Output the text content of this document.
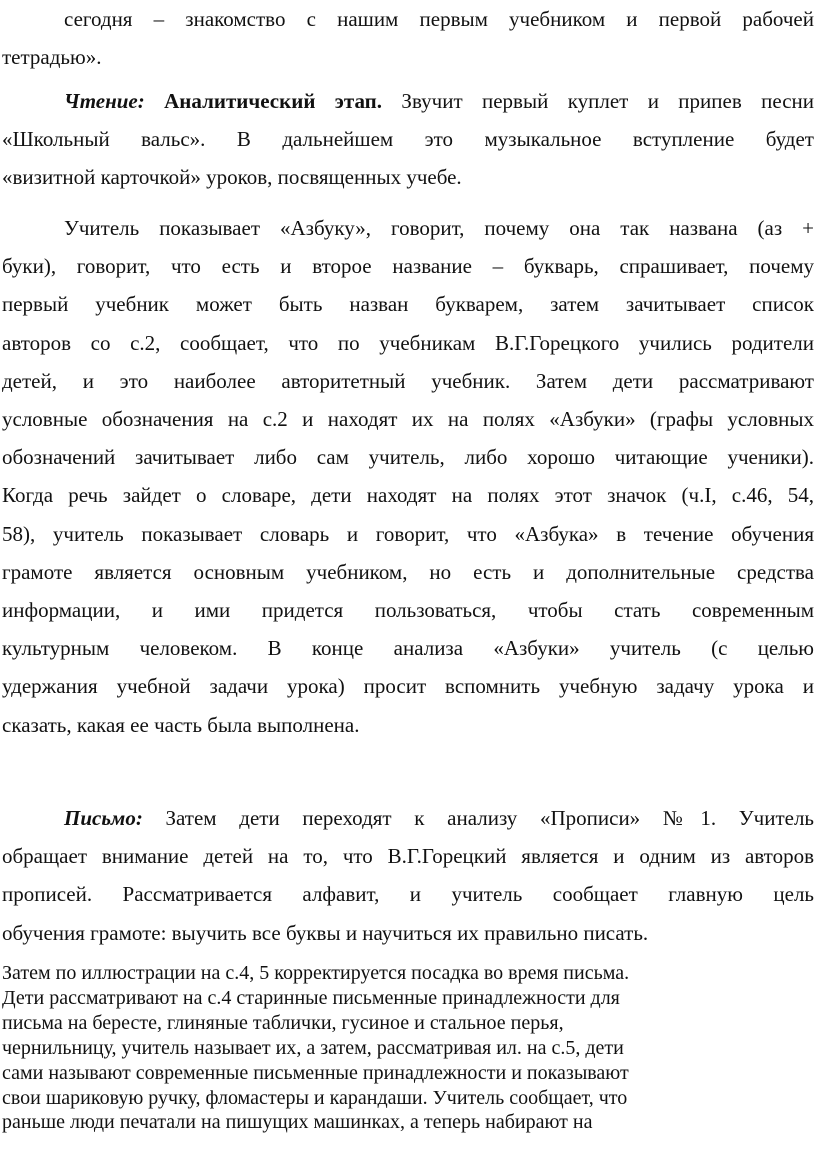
сегодня – знакомство с нашим первым учебником и первой рабочей

тетрадью».

Чтение: Аналитический этап. Звучит первый куплет и припев песни

«Школьный вальс». В дальнейшем это музыкальное вступление будет

«визитной карточкой» уроков, посвященных учебе.

Учитель показывает «Азбуку», говорит, почему она так названа (аз +

буки), говорит, что есть и второе название – букварь, спрашивает, почему

первый учебник может быть назван букварем, затем зачитывает список

авторов со с.2, сообщает, что по учебникам В.Г.Горецкого учились родители

детей, и это наиболее авторитетный учебник. Затем дети рассматривают

условные обозначения на с.2 и находят их на полях «Азбуки» (графы условных

обозначений зачитывает либо сам учитель, либо хорошо читающие ученики).

Когда речь зайдет о словаре, дети находят на полях этот значок (ч.I, с.46, 54,

58), учитель показывает словарь и говорит, что «Азбука» в течение обучения

грамоте является основным учебником, но есть и дополнительные средства

информации, и ими придется пользоваться, чтобы стать современным

культурным человеком. В конце анализа «Азбуки» учитель (с целью

удержания учебной задачи урока) просит вспомнить учебную задачу урока и

сказать, какая ее часть была выполнена.

Письмо: Затем дети переходят к анализу «Прописи» №1. Учитель

обращает внимание детей на то, что В.Г.Горецкий является и одним из авторов

прописей. Рассматривается алфавит, и учитель сообщает главную цель

обучения грамоте: выучить все буквы и научиться их правильно писать.

Затем по иллюстрации на с.4, 5 корректируется посадка во время письма.

Дети рассматривают на с.4 старинные письменные принадлежности для

письма на бересте, глиняные таблички, гусиное и стальное перья,

чернильницу, учитель называет их, а затем, рассматривая ил. на с.5, дети

сами называют современные письменные принадлежности и показывают

свои шариковую ручку, фломастеры и карандаши. Учитель сообщает, что

раньше люди печатали на пишущих машинках, а теперь набирают на
